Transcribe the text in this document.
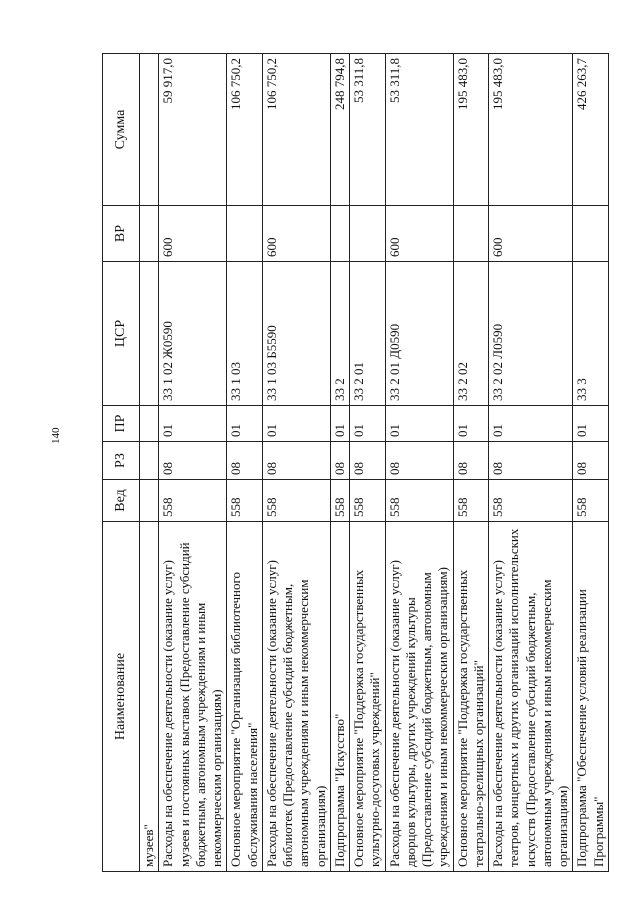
140
Наименование	Вед	РЗ	ПР	ЦСР	ВР	Сумма
музеев"						
Расходы на обеспечение деятельности (оказание услуг) музеев и постоянных выставок (Предоставление субсидий бюджетным, автономным учреждениям и иным некоммерческим организациям)	558	08	01	33 1 02 Ж0590	600	59 917,0
Основное мероприятие "Организация библиотечного обслуживания населения"	558	08	01	33 1 03		106 750,2
Расходы на обеспечение деятельности (оказание услуг) библиотек (Предоставление субсидий бюджетным, автономным учреждениям и иным некоммерческим организациям)	558	08	01	33 1 03 Б5590	600	106 750,2
Подпрограмма "Искусство"	558	08	01	33 2		248 794,8
Основное мероприятие "Поддержка государственных культурно-досуговых учреждений"	558	08	01	33 2 01		53 311,8
Расходы на обеспечение деятельности (оказание услуг) дворцов культуры, других учреждений культуры (Предоставление субсидий бюджетным, автономным учреждениям и иным некоммерческим организациям)	558	08	01	33 2 01 Д0590	600	53 311,8
Основное мероприятие "Поддержка государственных театрально-зрелищных организаций"	558	08	01	33 2 02		195 483,0
Расходы на обеспечение деятельности (оказание услуг) театров, концертных и других организаций исполнительских искусств (Предоставление субсидий бюджетным, автономным учреждениям и иным некоммерческим организациям)	558	08	01	33 2 02 Л0590	600	195 483,0
Подпрограмма "Обеспечение условий реализации Программы"	558	08	01	33 3		426 263,7
